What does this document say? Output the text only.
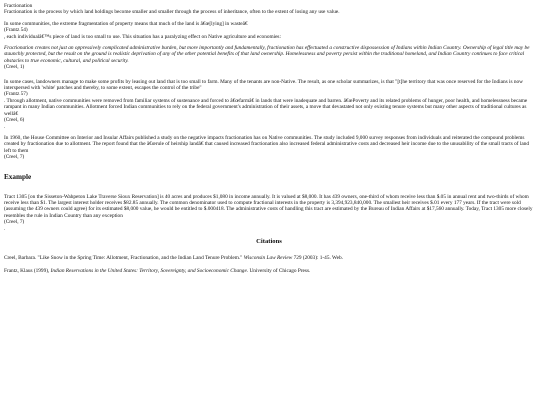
Fractionation
Fractionation is the process by which land holdings become smaller and smaller through the process of inheritance, often to the extent of losing any use value.
In some communities, the extreme fragmentation of property means that much of the land is â€œ[lying] in wasteâ€
(Frantz 54)
, each individualâ€™s piece of land is too small to use. This situation has a paralyzing effect on Native agriculture and economies:
Fractionation creates not just an oppressively complicated administrative burden, but more importantly and fundamentally, fractionation has effectuated a constructive dispossession of Indians within Indian Country. Ownership of legal title may be staunchly protected, but the result on the ground is realistic deprivation of any of the other potential benefits of that land ownership. Homelessness and poverty persist within the traditional homeland, and Indian Country continues to face critical obstacles to true economic, cultural, and political security.
(Creel, 1)
In some cases, landowners manage to make some profits by leasing out land that is too small to farm. Many of the tenants are non-Native. The result, as one scholar summarizes, is that "[t]he territory that was once reserved for the Indians is now interspersed with 'white' patches and thereby, to some extent, escapes the control of the tribe"
(Frantz 57)
. Through allotment, native communities were removed from familiar systems of sustenance and forced to â€œfarmâ€ in lands that were inadequate and barren. â€œPoverty and its related problems of hunger, poor health, and homelessness became rampant in many Indian communities. Allotment forced Indian communities to rely on the federal government's administration of their assets, a move that devastated not only existing tenure systems but many other aspects of traditional cultures as wellâ€
(Creel, 6)
.
In 1960, the House Committee on Interior and Insular Affairs published a study on the negative impacts fractionation has on Native communities. The study included 9,000 survey responses from individuals and reiterated the compound problems created by fractionation due to allotment. The report found that the â€œrule of heirship landâ€ that caused increased fractionation also increased federal administrative costs and decreased heir income due to the unusability of the small tracts of land left to them
(Creel, 7)
Example
Tract 1305 [on the Sisseton-Wahpeton Lake Traverse Sioux Reservation] is 40 acres and produces $1,080 in income annually. It is valued at $8,000. It has 439 owners, one-third of whom receive less than $.05 in annual rent and two-thirds of whom receive less than $1. The largest interest holder receives $82.85 annually. The common denominator used to compute fractional interests in the property is 3,394,923,840,000. The smallest heir receives $.01 every 177 years. If the tract were sold (assuming the 439 owners could agree) for its estimated $8,000 value, he would be entitled to $.000418. The administrative costs of handling this tract are estimated by the Bureau of Indian Affairs at $17,560 annually. Today, Tract 1305 more closely resembles the rule in Indian Country than any exception
(Creel, 7)
.
Citations
Creel, Barbara. "Like Snow in the Spring Time: Allotment, Fractionation, and the Indian Land Tenure Problem." Wisconsin Law Review 729 (2003): 1-45. Web.
Frantz, Klaus (1999), Indian Reservations in the United States: Territory, Sovereignty, and Socioeconomic Change. University of Chicago Press.
